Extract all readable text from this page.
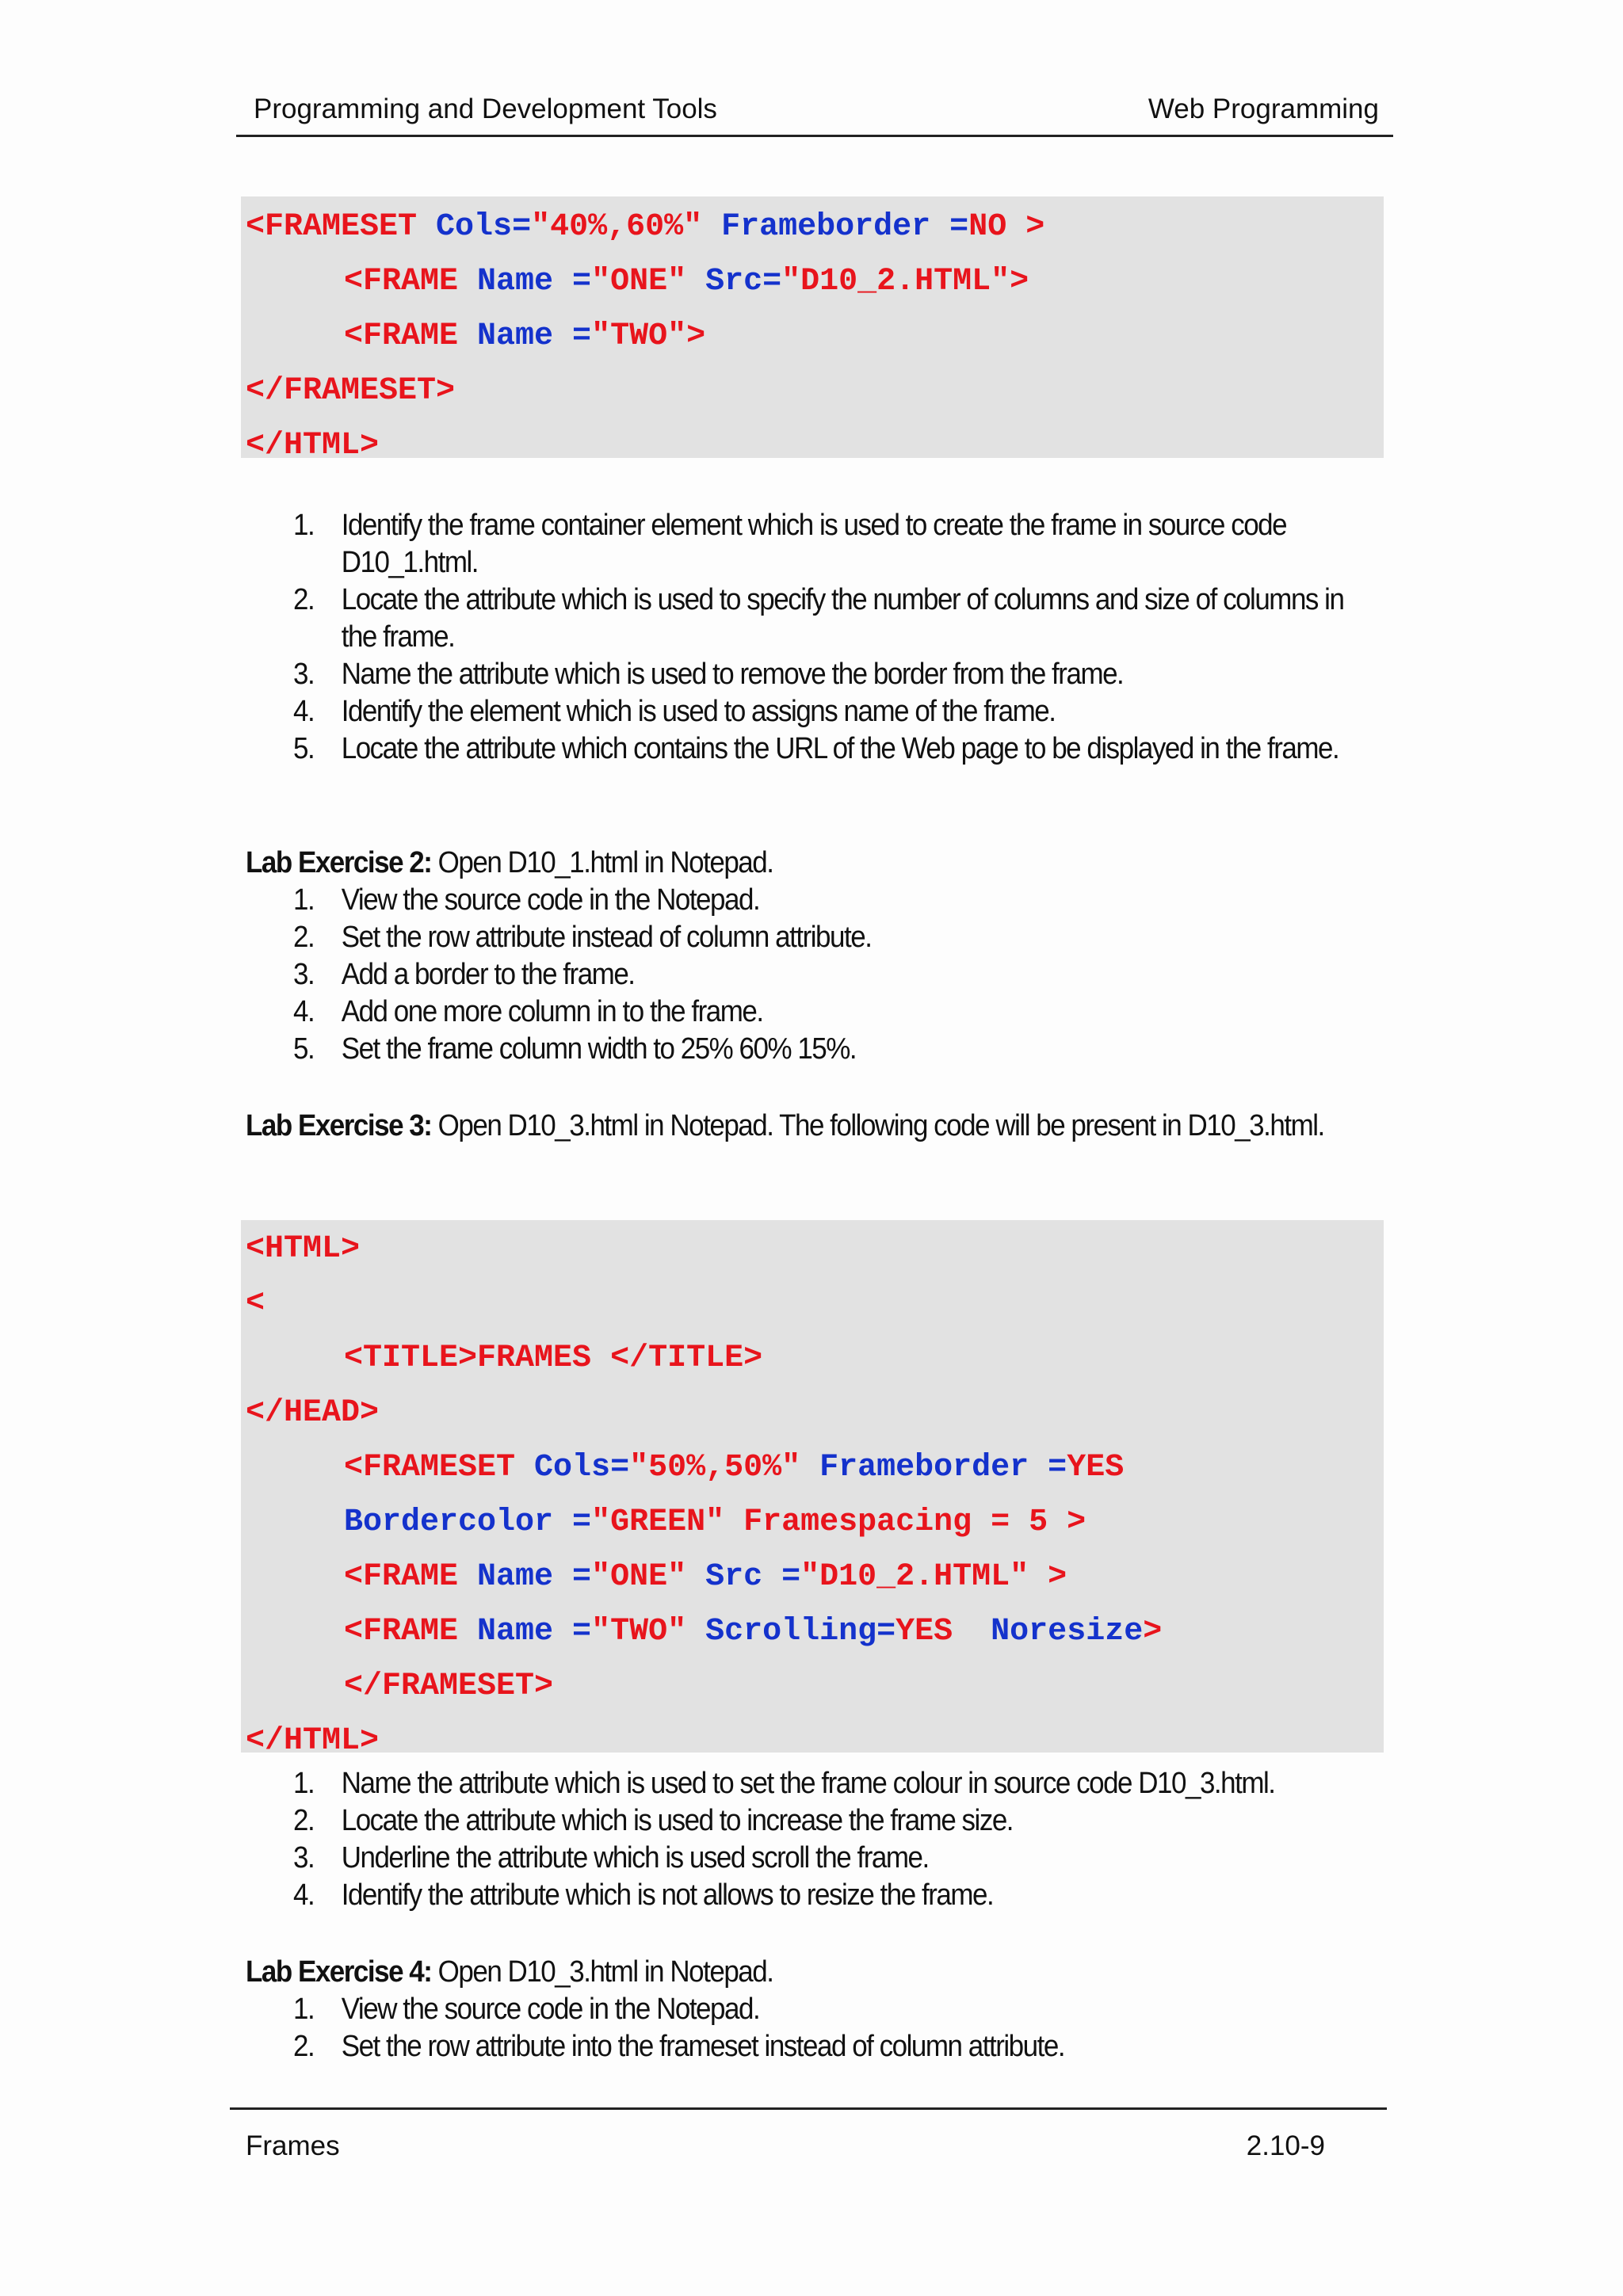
Programming and Development Tools	Web Programming
<FRAMESET Cols="40%,60%" Frameborder =NO >
<FRAME Name ="ONE" Src="D10_2.HTML">
<FRAME Name ="TWO">
</FRAMESET>
</HTML>
1. Identify the frame container element which is used to create the frame in source code D10_1.html.
2. Locate the attribute which is used to specify the number of columns and size of columns in the frame.
3. Name the attribute which is used to remove the border from the frame.
4. Identify the element which is used to assigns name of the frame.
5. Locate the attribute which contains the URL of the Web page to be displayed in the frame.
Lab Exercise 2: Open D10_1.html in Notepad.
1. View the source code in the Notepad.
2. Set the row attribute instead of column attribute.
3. Add a border to the frame.
4. Add one more column in to the frame.
5. Set the frame column width to 25% 60% 15%.
Lab Exercise 3: Open D10_3.html in Notepad. The following code will be present in D10_3.html.
<HTML>
<
<TITLE>FRAMES </TITLE>
</HEAD>
<FRAMESET Cols="50%,50%" Frameborder =YES
Bordercolor ="GREEN" Framespacing = 5 >
<FRAME Name ="ONE" Src ="D10_2.HTML" >
<FRAME Name ="TWO" Scrolling=YES  Noresize>
</FRAMESET>
</HTML>
1. Name the attribute which is used to set the frame colour in source code D10_3.html.
2. Locate the attribute which is used to increase the frame size.
3. Underline the attribute which is used scroll the frame.
4. Identify the attribute which is not allows to resize the frame.
Lab Exercise 4: Open D10_3.html in Notepad.
1. View the source code in the Notepad.
2. Set the row attribute into the frameset instead of column attribute.
Frames	2.10-9
